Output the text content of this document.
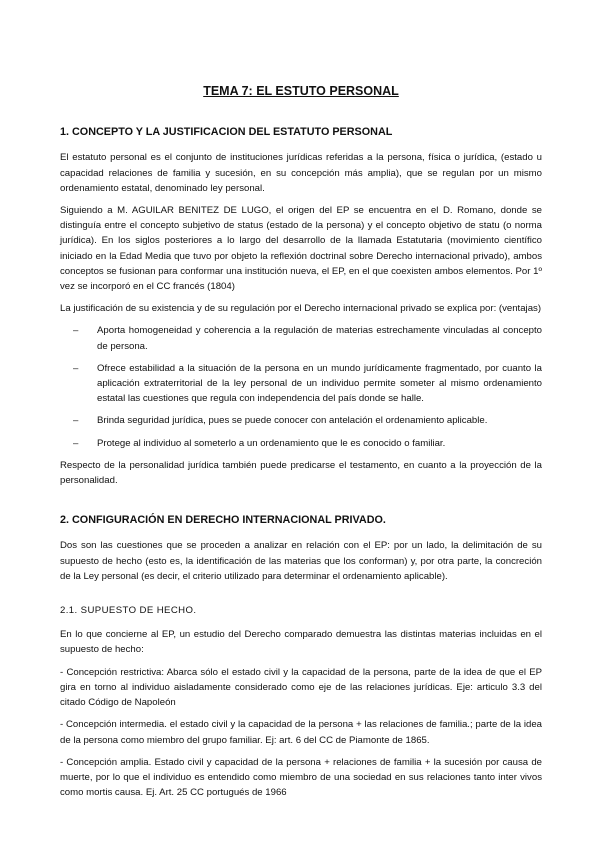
TEMA 7: EL ESTUTO PERSONAL
1. CONCEPTO Y LA JUSTIFICACION DEL ESTATUTO PERSONAL

El estatuto personal es el conjunto de instituciones jurídicas referidas a la persona, física o jurídica, (estado u capacidad relaciones de familia y sucesión, en su concepción más amplia), que se regulan por un mismo ordenamiento estatal, denominado ley personal.

Siguiendo a M. AGUILAR BENITEZ DE LUGO, el origen del EP se encuentra en el D. Romano, donde se distinguía entre el concepto subjetivo de status (estado de la persona) y el concepto objetivo de statu (o norma jurídica). En los siglos posteriores a lo largo del desarrollo de la llamada Estatutaria (movimiento científico iniciado en la Edad Media que tuvo por objeto la reflexión doctrinal sobre Derecho internacional privado), ambos conceptos se fusionan para conformar una institución nueva, el EP, en el que coexisten ambos elementos. Por 1º vez se incorporó en el CC francés (1804)

La justificación de su existencia y de su regulación por el Derecho internacional privado se explica por: (ventajas)

– Aporta homogeneidad y coherencia a la regulación de materias estrechamente vinculadas al concepto de persona.
– Ofrece estabilidad a la situación de la persona en un mundo jurídicamente fragmentado, por cuanto la aplicación extraterritorial de la ley personal de un individuo permite someter al mismo ordenamiento estatal las cuestiones que regula con independencia del país donde se halle.
– Brinda seguridad jurídica, pues se puede conocer con antelación el ordenamiento aplicable.
– Protege al individuo al someterlo a un ordenamiento que le es conocido o familiar.

Respecto de la personalidad jurídica también puede predicarse el testamento, en cuanto a la proyección de la personalidad.

2. CONFIGURACIÓN EN DERECHO INTERNACIONAL PRIVADO.

Dos son las cuestiones que se proceden a analizar en relación con el EP: por un lado, la delimitación de su supuesto de hecho (esto es, la identificación de las materias que los conforman) y, por otra parte, la concreción de la Ley personal (es decir, el criterio utilizado para determinar el ordenamiento aplicable).

2.1. SUPUESTO DE HECHO.

En lo que concierne al EP, un estudio del Derecho comparado demuestra las distintas materias incluidas en el supuesto de hecho:

- Concepción restrictiva: Abarca sólo el estado civil y la capacidad de la persona, parte de la idea de que el EP gira en torno al individuo aisladamente considerado como eje de las relaciones jurídicas. Eje: articulo 3.3 del citado Código de Napoleón

- Concepción intermedia. el estado civil y la capacidad de la persona + las relaciones de familia.; parte de la idea de la persona como miembro del grupo familiar. Ej: art. 6 del CC de Piamonte de 1865.

- Concepción amplia. Estado civil y capacidad de la persona + relaciones de familia + la sucesión por causa de muerte, por lo que el individuo es entendido como miembro de una sociedad en sus relaciones tanto inter vivos como mortis causa. Ej. Art. 25 CC portugués de 1966
